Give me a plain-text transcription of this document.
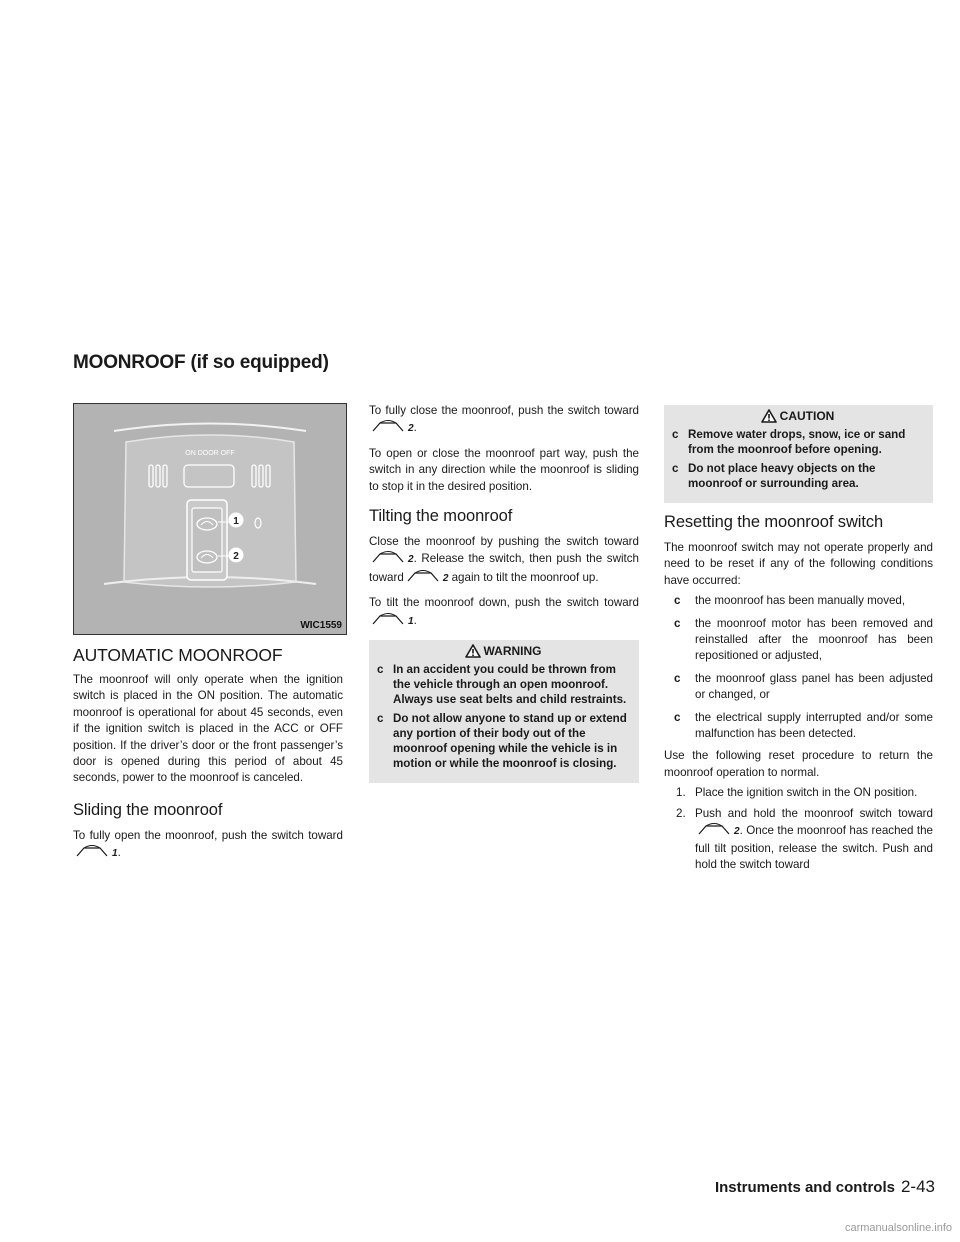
MOONROOF (if so equipped)
ON DOOR OFF
1
2
WIC1559
AUTOMATIC MOONROOF

The moonroof will only operate when the ignition switch is placed in the ON position. The automatic moonroof is operational for about 45 seconds, even if the ignition switch is placed in the ACC or OFF position. If the driver’s door or the front passenger’s door is opened during this period of about 45 seconds, power to the moonroof is canceled.

Sliding the moonroof

To fully open the moonroof, push the switch toward1.

To fully close the moonroof, push the switch toward2.

To open or close the moonroof part way, push the switch in any direction while the moonroof is sliding to stop it in the desired position.

Tilting the moonroof

Close the moonroof by pushing the switch toward2. Release the switch, then push the switch toward	2 again to tilt the moonroof up.

To tilt the moonroof down, push the switch toward1.

WARNING
c In an accident you could be thrown from the vehicle through an open moonroof. Always use seat belts and child restraints.
c Do not allow anyone to stand up or extend any portion of their body out of the moonroof opening while the vehicle is in motion or while the moonroof is closing.
CAUTION
c Remove water drops, snow, ice or sand from the moonroof before opening.
c Do not place heavy objects on the moonroof or surrounding area.
Resetting the moonroof switch

The moonroof switch may not operate properly and need to be reset if any of the following conditions have occurred:

c the moonroof has been manually moved,
c the moonroof motor has been removed and reinstalled after the moonroof has been repositioned or adjusted,
c the moonroof glass panel has been adjusted or changed, or
c the electrical supply interrupted and/or some malfunction has been detected.

Use the following reset procedure to return the moonroof operation to normal.

1. Place the ignition switch in the ON position.
2. Push and hold the moonroof switch toward2. Once the moonroof has reached the full tilt position, release the switch. Push and hold the switch toward
Instruments and controls 2-43
carmanualsonline.info
